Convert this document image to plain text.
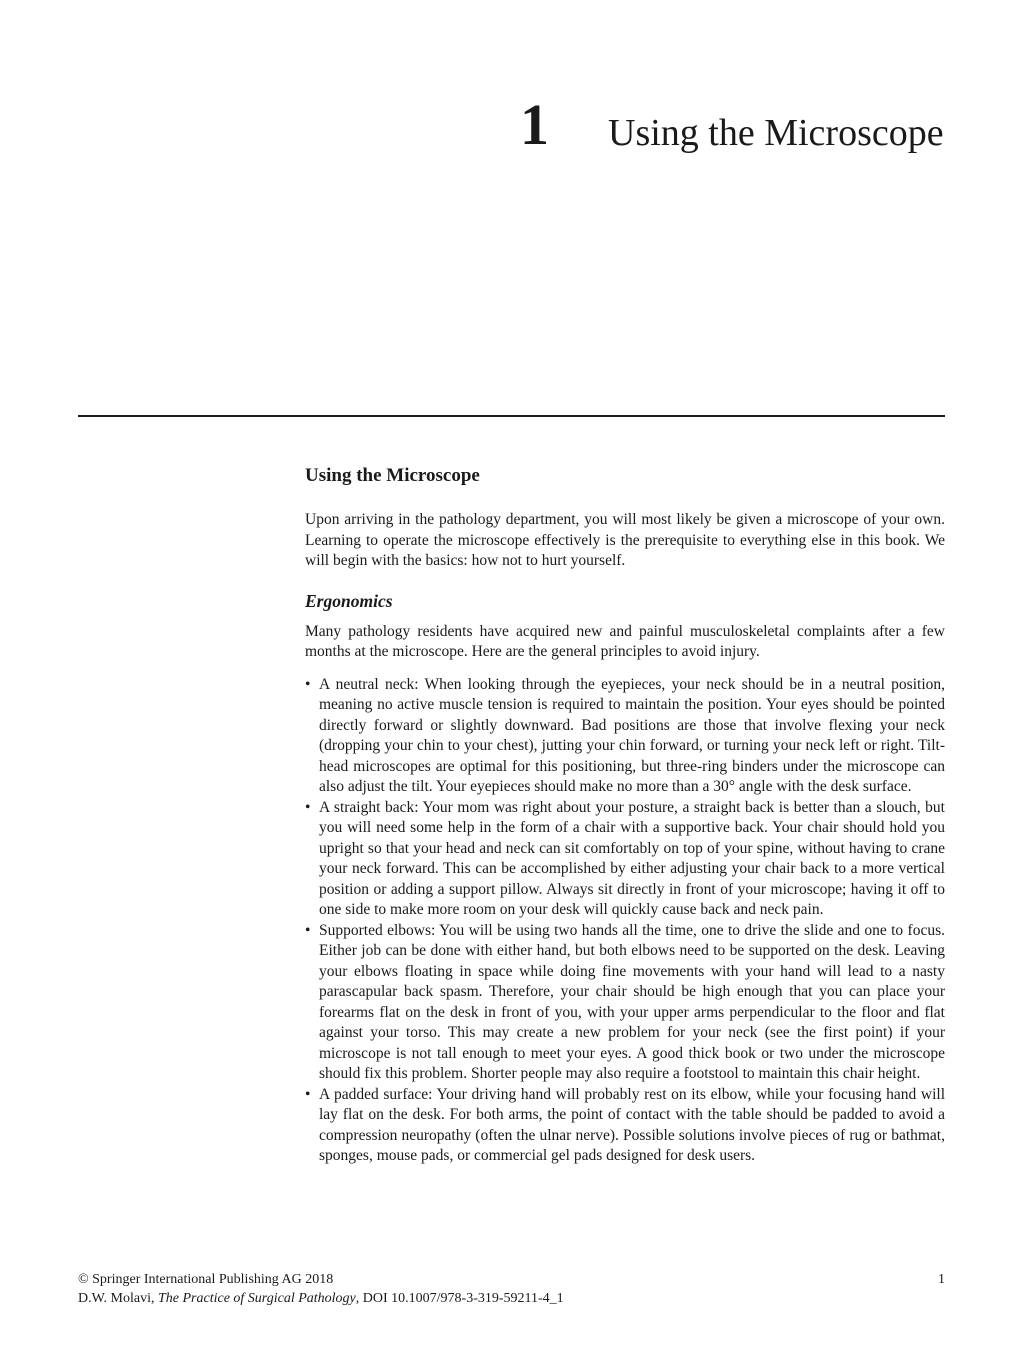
1 Using the Microscope
Using the Microscope

Upon arriving in the pathology department, you will most likely be given a microscope of your own. Learning to operate the microscope effectively is the prerequisite to everything else in this book. We will begin with the basics: how not to hurt yourself.

Ergonomics

Many pathology residents have acquired new and painful musculoskeletal complaints after a few months at the microscope. Here are the general principles to avoid injury.

• A neutral neck: When looking through the eyepieces, your neck should be in a neutral position, meaning no active muscle tension is required to maintain the position. Your eyes should be pointed directly forward or slightly downward. Bad positions are those that involve flexing your neck (dropping your chin to your chest), jutting your chin forward, or turning your neck left or right. Tilt-head microscopes are optimal for this positioning, but three-ring binders under the microscope can also adjust the tilt. Your eyepieces should make no more than a 30° angle with the desk surface.
• A straight back: Your mom was right about your posture, a straight back is better than a slouch, but you will need some help in the form of a chair with a supportive back. Your chair should hold you upright so that your head and neck can sit comfortably on top of your spine, without having to crane your neck forward. This can be accomplished by either adjusting your chair back to a more vertical position or adding a support pillow. Always sit directly in front of your microscope; having it off to one side to make more room on your desk will quickly cause back and neck pain.
• Supported elbows: You will be using two hands all the time, one to drive the slide and one to focus. Either job can be done with either hand, but both elbows need to be supported on the desk. Leaving your elbows floating in space while doing fine movements with your hand will lead to a nasty parascapular back spasm. Therefore, your chair should be high enough that you can place your forearms flat on the desk in front of you, with your upper arms perpendicular to the floor and flat against your torso. This may create a new problem for your neck (see the first point) if your microscope is not tall enough to meet your eyes. A good thick book or two under the microscope should fix this problem. Shorter people may also require a footstool to maintain this chair height.
• A padded surface: Your driving hand will probably rest on its elbow, while your focusing hand will lay flat on the desk. For both arms, the point of contact with the table should be padded to avoid a compression neuropathy (often the ulnar nerve). Possible solutions involve pieces of rug or bathmat, sponges, mouse pads, or commercial gel pads designed for desk users.
© Springer International Publishing AG 2018
D.W. Molavi, The Practice of Surgical Pathology, DOI 10.1007/978-3-319-59211-4_1
1
